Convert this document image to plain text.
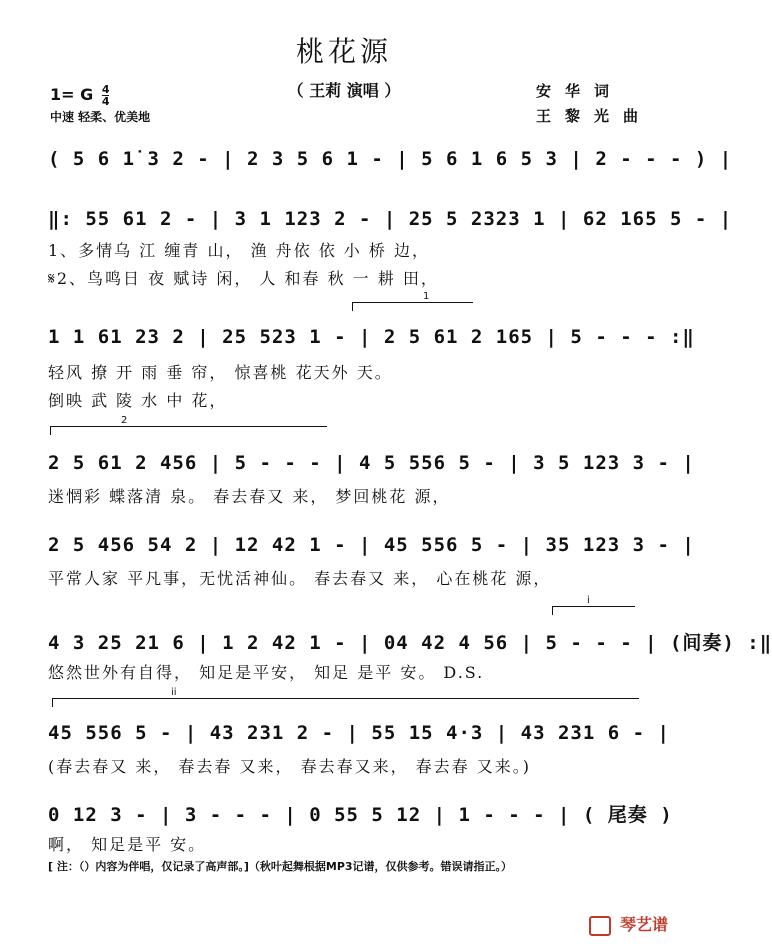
桃花源
（ 王莉 演唱 ）
1= G $\frac{4}{4}$
中速 轻柔、优美地
安华词
王黎光曲
( 5 6 1̇ 3 2 - | 2 3 5 6 1 - | 5 6 1 6 5 3 | 2 - - - ) |
‖: 55 61 2 - | 3 1 123 2 - | 25 5 2323 1 | 62 165 5 - |
1、多情乌 江 缠青 山， 渔 舟依 依 小 桥 边，
𝄋2、鸟鸣日 夜 赋诗 闲， 人 和春 秋 一 耕 田，
1
1 1 61 23 2 | 25 523 1 - | 2 5 61 2 165 | 5 - - - :‖
轻风 撩 开 雨 垂 帘， 惊喜桃 花天外 天。
倒映 武 陵 水 中 花，
2
2 5 61 2 456 | 5 - - - | 4 5 556 5 - | 3 5 123 3 - |
迷惘彩 蝶落清 泉。 春去春又 来， 梦回桃花 源，
2 5 456 54 2 | 12 42 1 - | 45 556 5 - | 35 123 3 - |
平常人家 平凡事，无忧活神仙。 春去春又 来， 心在桃花 源，
i
4 3 25 21 6 | 1 2 42 1 - | 04 42 4 56 | 5 - - - | (间奏) :‖
悠然世外有自得， 知足是平安， 知足 是平 安。 D.S.
ii
45 556 5 - | 43 231 2 - | 55 15 4·3 | 43 231 6 - |
(春去春又 来， 春去春 又来， 春去春又来， 春去春 又来。)
0 12 3 - | 3 - - - | 0 55 5 12 | 1 - - - | ( 尾奏 )
啊， 知足是平 安。
[ 注：（）内容为伴唱，仅记录了高声部。]（秋叶起舞根据MP3记谱，仅供参考。错误请指正。）
琴艺谱
